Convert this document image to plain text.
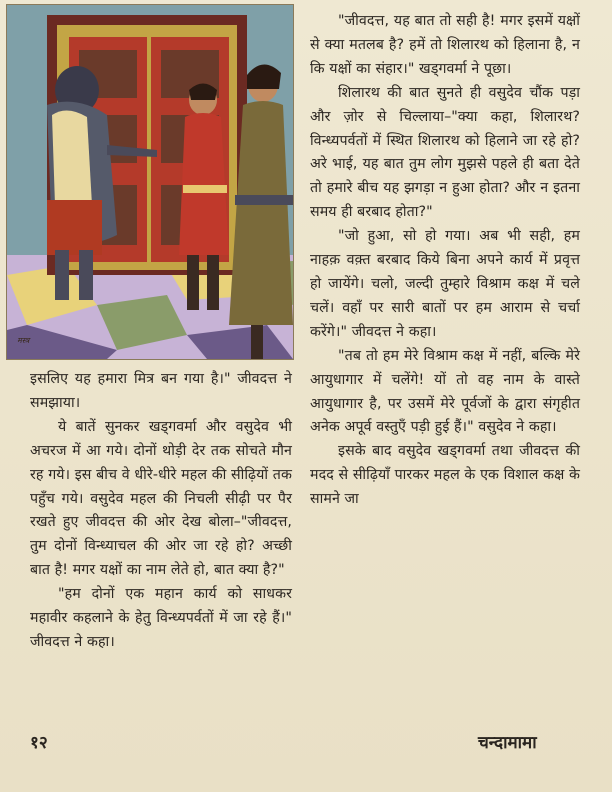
मस्त्र

इसलिए यह हमारा मित्र बन गया है।" जीवदत्त ने समझाया।

ये बातें सुनकर खड्गवर्मा और वसुदेव भी अचरज में आ गये। दोनों थोड़ी देर तक सोचते मौन रह गये। इस बीच वे धीरे-धीरे महल की सीढ़ियों तक पहुँच गये। वसुदेव महल की निचली सीढ़ी पर पैर रखते हुए जीवदत्त की ओर देख बोला–"जीवदत्त, तुम दोनों विन्ध्याचल की ओर जा रहे हो? अच्छी बात है! मगर यक्षों का नाम लेते हो, बात क्या है?"

"हम दोनों एक महान कार्य को साधकर महावीर कहलाने के हेतु विन्ध्यपर्वतों में जा रहे हैं।" जीवदत्त ने कहा।

"जीवदत्त, यह बात तो सही है! मगर इसमें यक्षों से क्या मतलब है? हमें तो शिलारथ को हिलाना है, न कि यक्षों का संहार।" खड्गवर्मा ने पूछा।

शिलारथ की बात सुनते ही वसुदेव चौंक पड़ा और ज़ोर से चिल्लाया–"क्या कहा, शिलारथ? विन्ध्यपर्वतों में स्थित शिलारथ को हिलाने जा रहे हो? अरे भाई, यह बात तुम लोग मुझसे पहले ही बता देते तो हमारे बीच यह झगड़ा न हुआ होता? और न इतना समय ही बरबाद होता?"

"जो हुआ, सो हो गया। अब भी सही, हम नाहक़ वक़्त बरबाद किये बिना अपने कार्य में प्रवृत्त हो जायेंगे। चलो, जल्दी तुम्हारे विश्राम कक्ष में चले चलें। वहाँ पर सारी बातों पर हम आराम से चर्चा करेंगे।" जीवदत्त ने कहा।

"तब तो हम मेरे विश्राम कक्ष में नहीं, बल्कि मेरे आयुधागार में चलेंगे! यों तो वह नाम के वास्ते आयुधागार है, पर उसमें मेरे पूर्वजों के द्वारा संगृहीत अनेक अपूर्व वस्तुएँ पड़ी हुई हैं।" वसुदेव ने कहा।

इसके बाद वसुदेव खड्गवर्मा तथा जीवदत्त की मदद से सीढ़ियाँ पारकर महल के एक विशाल कक्ष के सामने जा

१२	चन्दामामा
